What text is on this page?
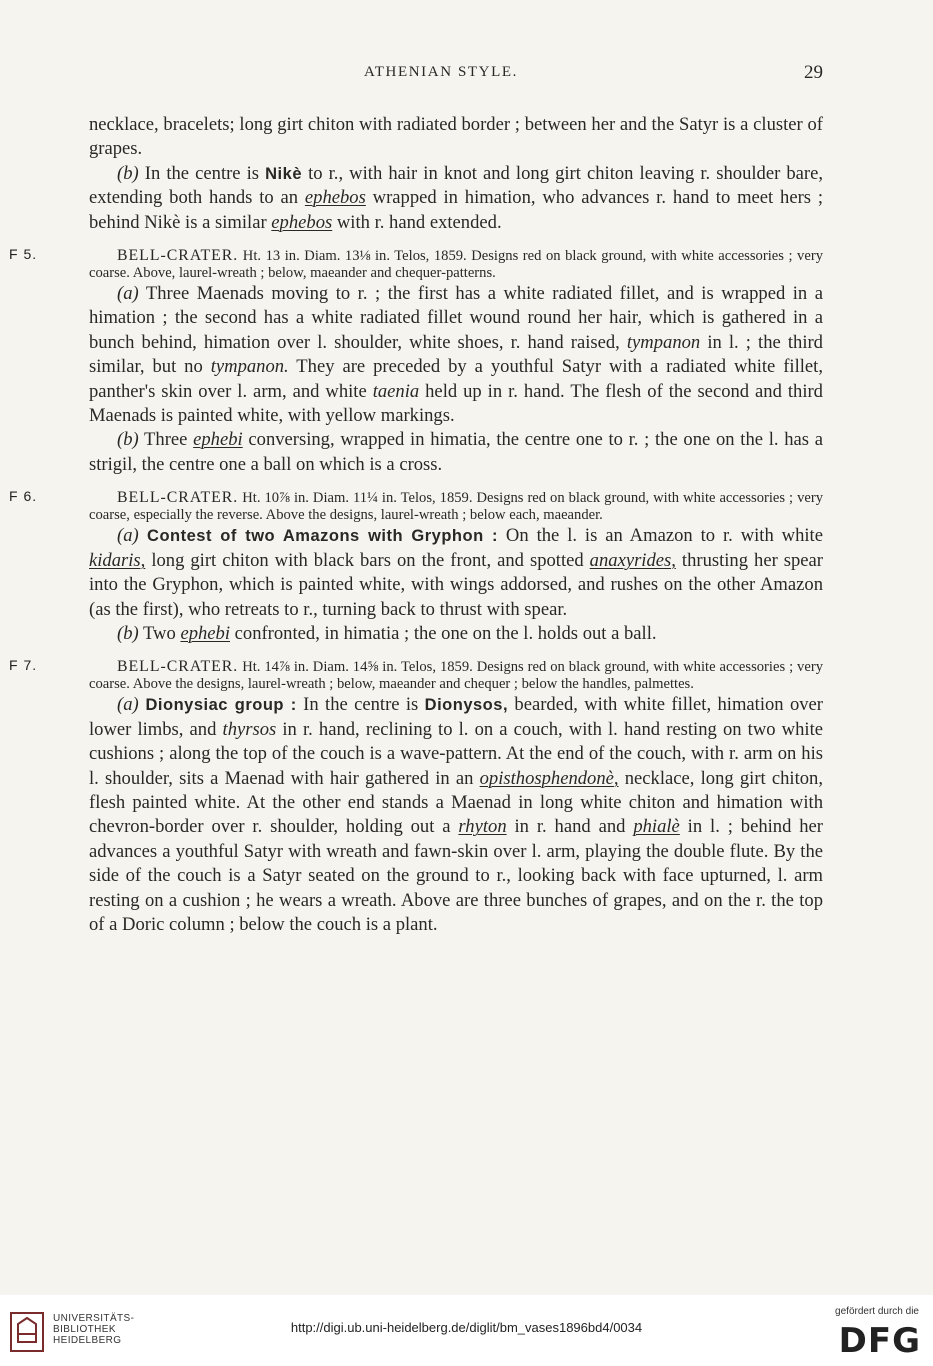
ATHENIAN STYLE.	29

necklace, bracelets; long girt chiton with radiated border ; between her and the Satyr is a cluster of grapes.

(b) In the centre is Nikè to r., with hair in knot and long girt chiton leaving r. shoulder bare, extending both hands to an ephebos wrapped in himation, who advances r. hand to meet hers ; behind Nikè is a similar ephebos with r. hand extended.

F 5.	BELL-CRATER. Ht. 13 in. Diam. 13⅛ in. Telos, 1859. Designs red on black ground, with white accessories ; very coarse. Above, laurel-wreath ; below, maeander and chequer-patterns.

(a) Three Maenads moving to r. ; the first has a white radiated fillet, and is wrapped in a himation ; the second has a white radiated fillet wound round her hair, which is gathered in a bunch behind, himation over l. shoulder, white shoes, r. hand raised, tympanon in l. ; the third similar, but no tympanon. They are preceded by a youthful Satyr with a radiated white fillet, panther's skin over l. arm, and white taenia held up in r. hand. The flesh of the second and third Maenads is painted white, with yellow markings.

(b) Three ephebi conversing, wrapped in himatia, the centre one to r. ; the one on the l. has a strigil, the centre one a ball on which is a cross.

F 6.	BELL-CRATER. Ht. 10⅞ in. Diam. 11¼ in. Telos, 1859. Designs red on black ground, with white accessories ; very coarse, especially the reverse. Above the designs, laurel-wreath ; below each, maeander.

(a) Contest of two Amazons with Gryphon : On the l. is an Amazon to r. with white kidaris, long girt chiton with black bars on the front, and spotted anaxyrides, thrusting her spear into the Gryphon, which is painted white, with wings addorsed, and rushes on the other Amazon (as the first), who retreats to r., turning back to thrust with spear.

(b) Two ephebi confronted, in himatia ; the one on the l. holds out a ball.

F 7.	BELL-CRATER. Ht. 14⅞ in. Diam. 14⅝ in. Telos, 1859. Designs red on black ground, with white accessories ; very coarse. Above the designs, laurel-wreath ; below, maeander and chequer ; below the handles, palmettes.

(a) Dionysiac group : In the centre is Dionysos, bearded, with white fillet, himation over lower limbs, and thyrsos in r. hand, reclining to l. on a couch, with l. hand resting on two white cushions ; along the top of the couch is a wave-pattern. At the end of the couch, with r. arm on his l. shoulder, sits a Maenad with hair gathered in an opisthosphendonè, necklace, long girt chiton, flesh painted white. At the other end stands a Maenad in long white chiton and himation with chevron-border over r. shoulder, holding out a rhyton in r. hand and phialè in l. ; behind her advances a youthful Satyr with wreath and fawn-skin over l. arm, playing the double flute. By the side of the couch is a Satyr seated on the ground to r., looking back with face upturned, l. arm resting on a cushion ; he wears a wreath. Above are three bunches of grapes, and on the r. the top of a Doric column ; below the couch is a plant.

UNIVERSITÄTS-
BIBLIOTHEK
HEIDELBERG
http://digi.ub.uni-heidelberg.de/diglit/bm_vases1896bd4/0034
gefördert durch die
DFG
